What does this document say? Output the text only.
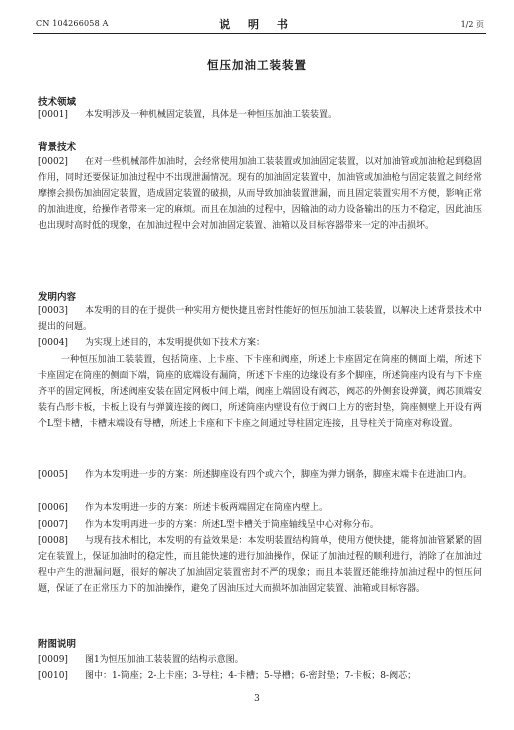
CN 104266058 A	说 明 书	1/2 页
恒压加油工装装置
技术领域
[0001] 本发明涉及一种机械固定装置，具体是一种恒压加油工装装置。
背景技术
[0002] 在对一些机械部件加油时，会经常使用加油工装装置或加油固定装置，以对加油管或加油枪起到稳固作用，同时还要保证加油过程中不出现泄漏情况。现有的加油固定装置中，加油管或加油枪与固定装置之间经常摩擦会损伤加油固定装置，造成固定装置的破损，从而导致加油装置泄漏，而且固定装置实用不方便，影响正常的加油进度，给操作者带来一定的麻烦。而且在加油的过程中，因输油的动力设备输出的压力不稳定，因此油压也出现时高时低的现象，在加油过程中会对加油固定装置、油箱以及目标容器带来一定的冲击损坏。
发明内容
[0003] 本发明的目的在于提供一种实用方便快捷且密封性能好的恒压加油工装装置，以解决上述背景技术中提出的问题。
[0004] 为实现上述目的，本发明提供如下技术方案：
一种恒压加油工装装置，包括筒座、上卡座、下卡座和阀座，所述上卡座固定在筒座的侧面上端，所述下卡座固定在筒座的侧面下端，筒座的底端设有漏筒，所述下卡座的边缘设有多个脚座，所述筒座内设有与下卡座齐平的固定网板，所述阀座安装在固定网板中间上端，阀座上端固设有阀芯，阀芯的外侧套设弹簧，阀芯顶端安装有凸形卡板，卡板上设有与弹簧连接的阀口，所述筒座内壁设有位于阀口上方的密封垫，筒座侧壁上开设有两个L型卡槽，卡槽末端设有导槽，所述上卡座和下卡座之间通过导柱固定连接，且导柱关于筒座对称设置。
[0005] 作为本发明进一步的方案：所述脚座设有四个或六个，脚座为弹力钢条，脚座末端卡在进油口内。
[0006] 作为本发明进一步的方案：所述卡板两端固定在筒座内壁上。
[0007] 作为本发明再进一步的方案：所述L型卡槽关于筒座轴线呈中心对称分布。
[0008] 与现有技术相比，本发明的有益效果是：本发明装置结构简单，使用方便快捷，能将加油管紧紧的固定在装置上，保证加油时的稳定性，而且能快速的进行加油操作，保证了加油过程的顺利进行，消除了在加油过程中产生的泄漏问题，很好的解决了加油固定装置密封不严的现象；而且本装置还能维持加油过程中的恒压问题，保证了在正常压力下的加油操作，避免了因油压过大而损坏加油固定装置、油箱或目标容器。
附图说明
[0009] 图1为恒压加油工装装置的结构示意图。
[0010] 图中：1-筒座；2-上卡座；3-导柱；4-卡槽；5-导槽；6-密封垫；7-卡板；8-阀芯；
3
